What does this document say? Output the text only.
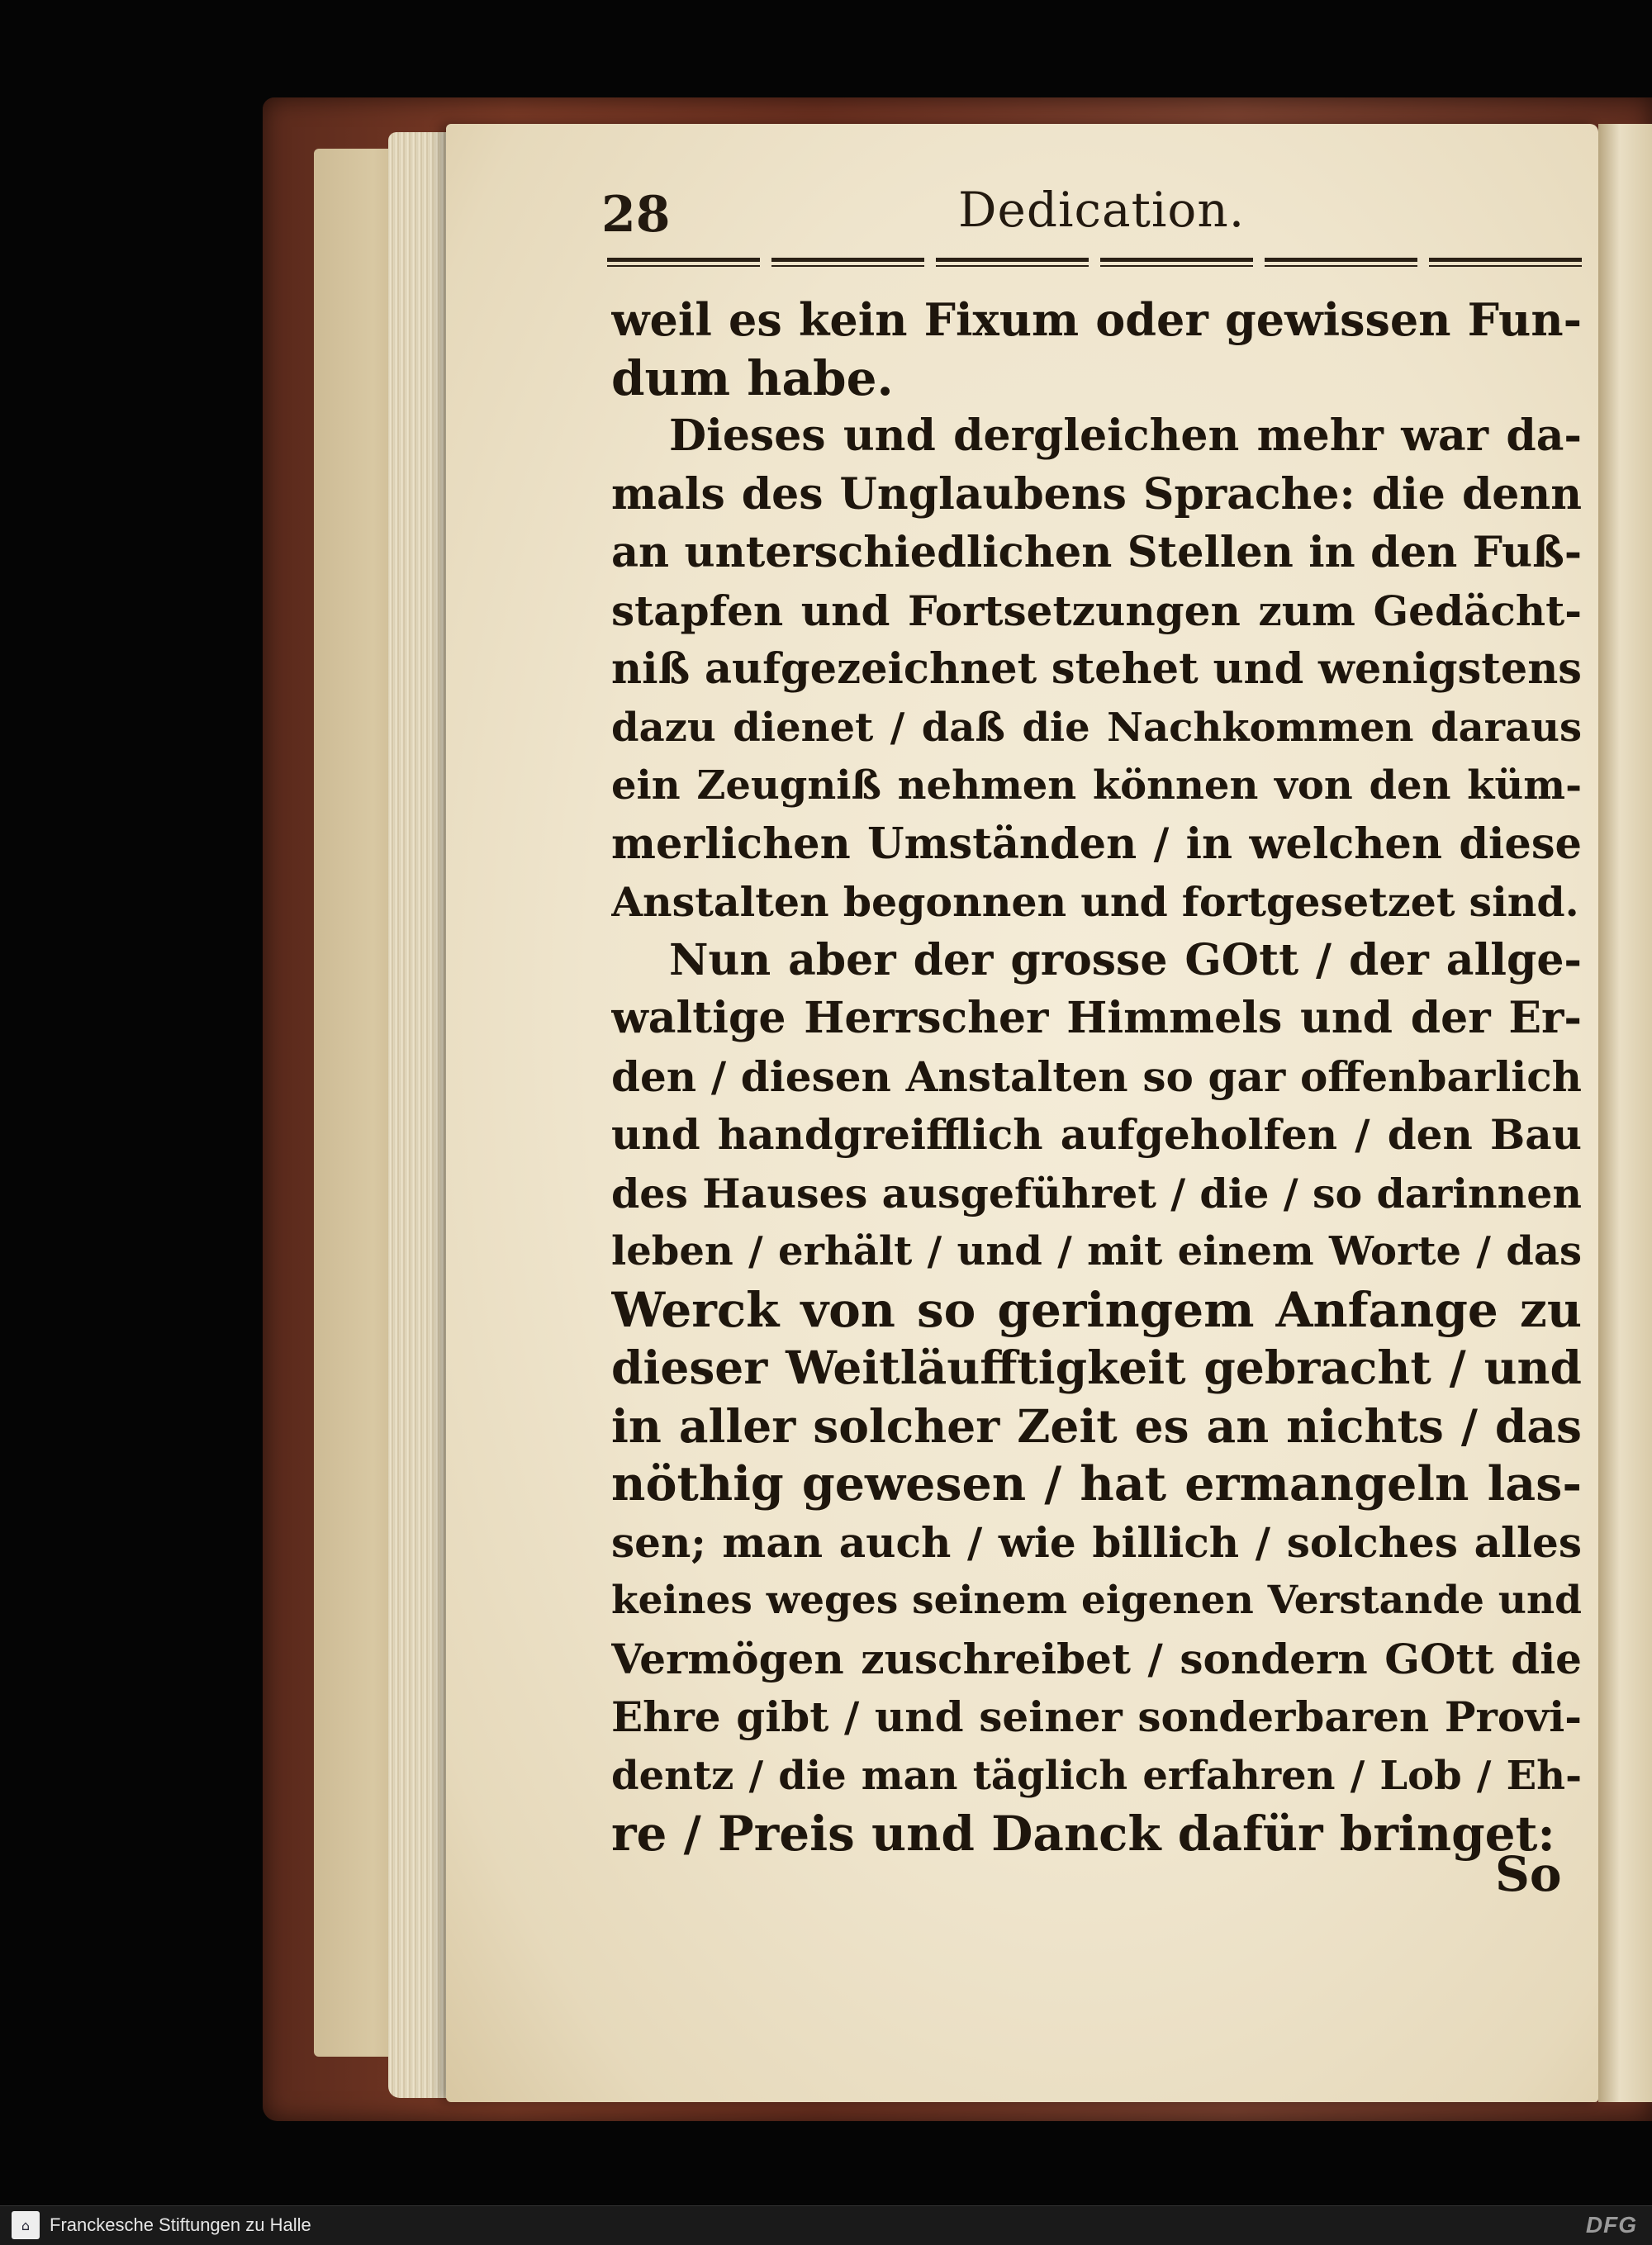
28	Dedication.
weil es kein Fixum oder gewissen Fun-
dum habe.
Dieses und dergleichen mehr war da-
mals des Unglaubens Sprache: die denn
an unterschiedlichen Stellen in den Fuß-
stapfen und Fortsetzungen zum Gedächt-
niß aufgezeichnet stehet und wenigstens
dazu dienet / daß die Nachkommen daraus
ein Zeugniß nehmen können von den küm-
merlichen Umständen / in welchen diese
Anstalten begonnen und fortgesetzet sind.
Nun aber der grosse GOtt / der allge-
waltige Herrscher Himmels und der Er-
den / diesen Anstalten so gar offenbarlich
und handgreifflich aufgeholfen / den Bau
des Hauses ausgeführet / die / so darinnen
leben / erhält / und / mit einem Worte / das
Werck von so geringem Anfange zu
dieser Weitläufftigkeit gebracht / und
in aller solcher Zeit es an nichts / das
nöthig gewesen / hat ermangeln las-
sen; man auch / wie billich / solches alles
keines weges seinem eigenen Verstande und
Vermögen zuschreibet / sondern GOtt die
Ehre gibt / und seiner sonderbaren Provi-
dentz / die man täglich erfahren / Lob / Eh-
re / Preis und Danck dafür bringet:
So
⌂	Franckesche Stiftungen zu Halle	DFG
